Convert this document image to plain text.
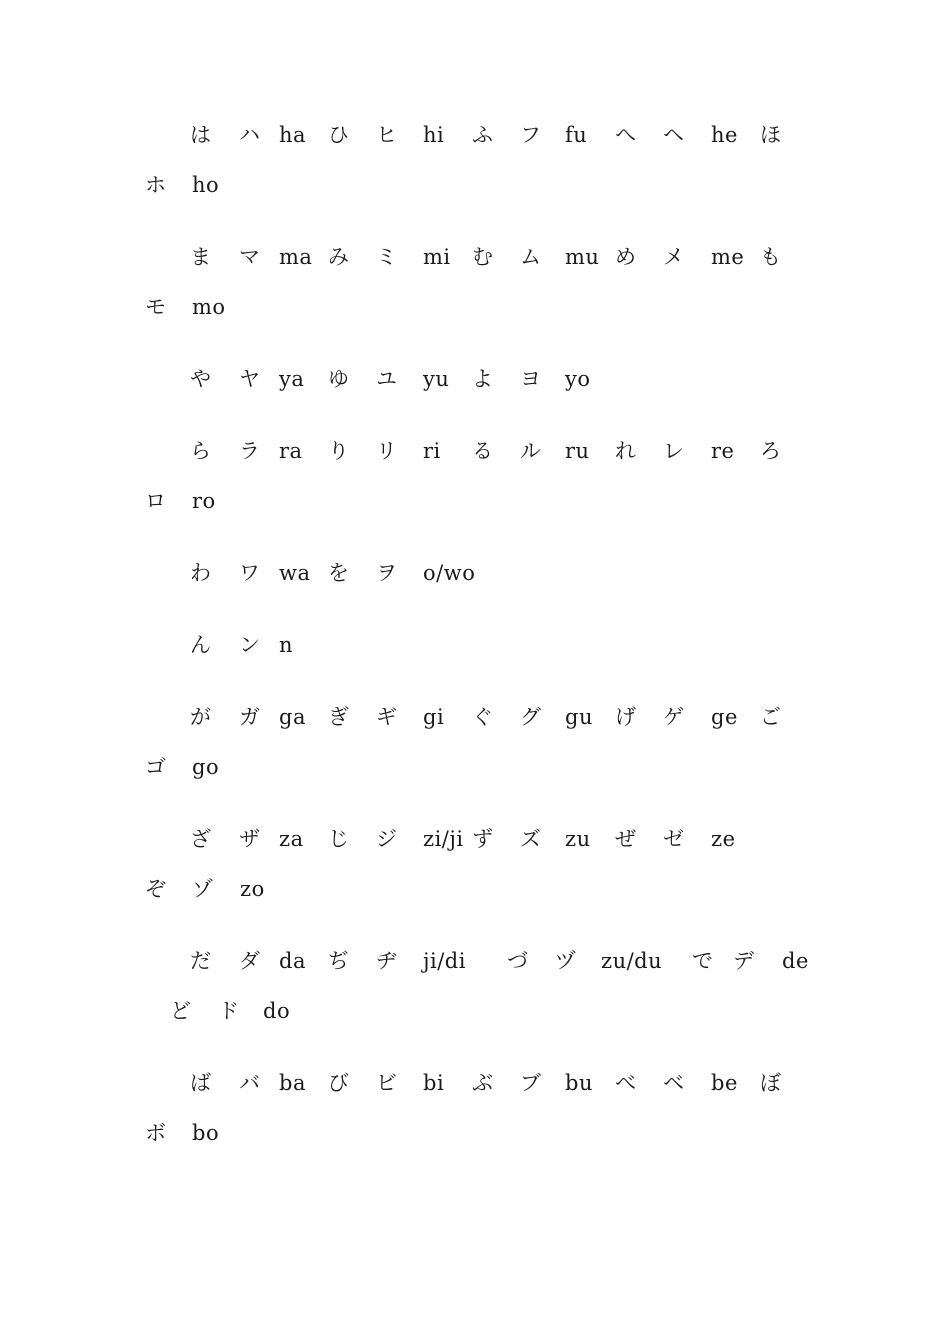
は ハ ha ひ ヒ hi ふ フ fu へ ヘ he ほ
ホ ho
ま マ ma み ミ mi む ム mu め メ me も
モ mo
や ヤ ya ゆ ユ yu よ ヨ yo
ら ラ ra り リ ri る ル ru れ レ re ろ
ロ ro
わ ワ wa を ヲ o/wo
ん ン n
が ガ ga ぎ ギ gi ぐ グ gu げ ゲ ge ご
ゴ go
ざ ザ za じ ジ zi/ji ず ズ zu ぜ ゼ ze
ぞ ゾ zo
だ ダ da ぢ ヂ ji/di づ ヅ zu/du で デ de
ど ド do
ば バ ba び ビ bi ぶ ブ bu べ ベ be ぼ
ボ bo
